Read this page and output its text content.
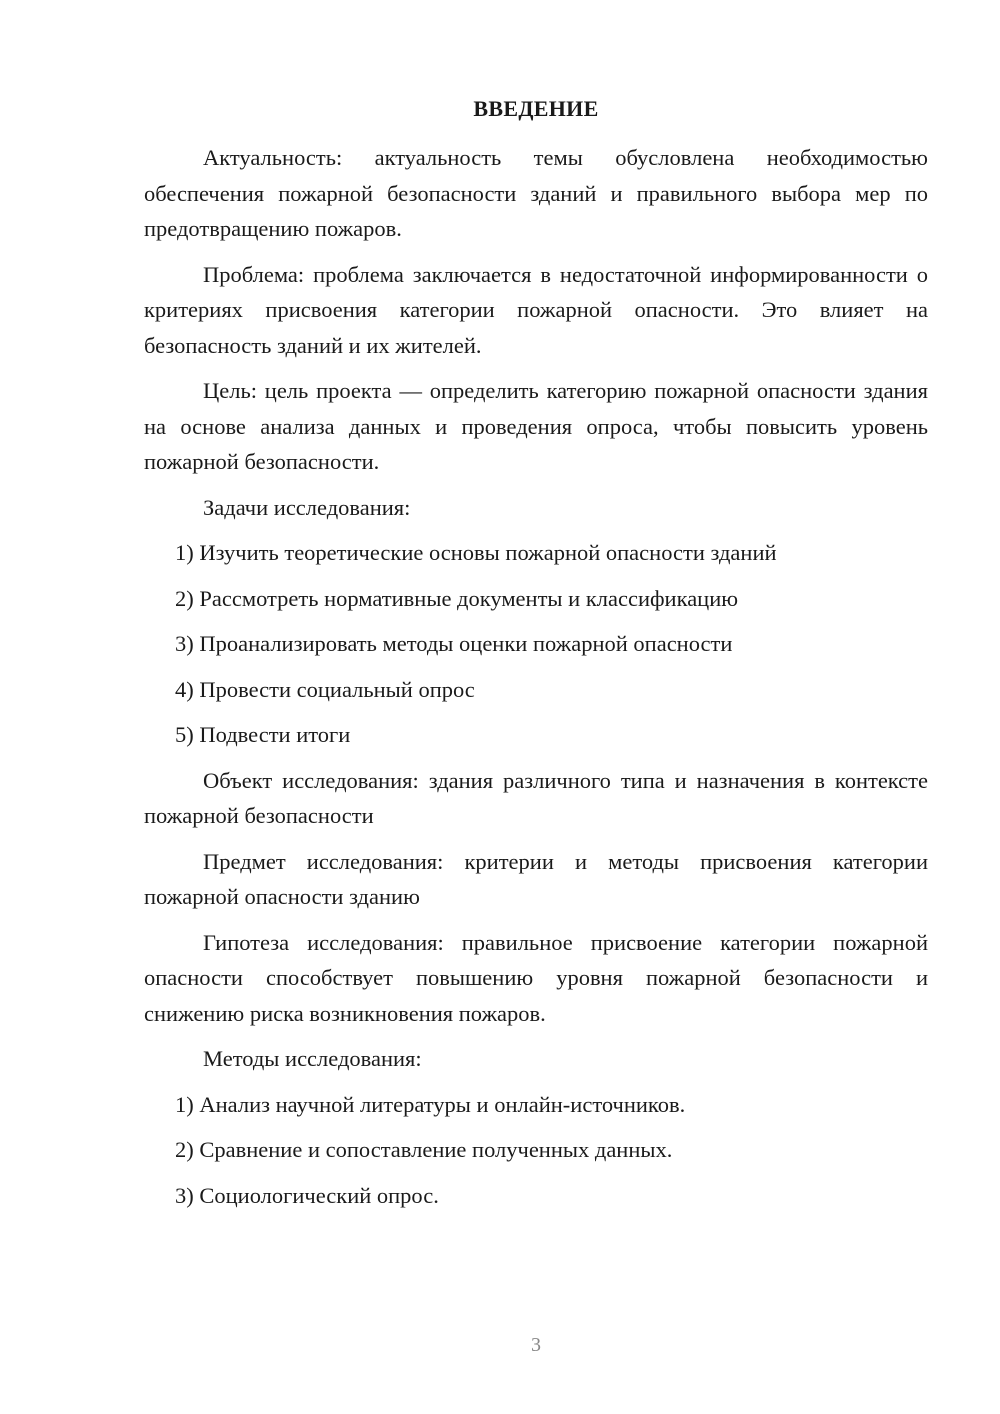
ВВЕДЕНИЕ

Актуальность: актуальность темы обусловлена необходимостью обеспечения пожарной безопасности зданий и правильного выбора мер по предотвращению пожаров.

Проблема: проблема заключается в недостаточной информированности о критериях присвоения категории пожарной опасности. Это влияет на безопасность зданий и их жителей.

Цель: цель проекта — определить категорию пожарной опасности здания на основе анализа данных и проведения опроса, чтобы повысить уровень пожарной безопасности.

Задачи исследования:

1) Изучить теоретические основы пожарной опасности зданий

2) Рассмотреть нормативные документы и классификацию

3) Проанализировать методы оценки пожарной опасности

4) Провести социальный опрос

5) Подвести итоги

Объект исследования: здания различного типа и назначения в контексте пожарной безопасности

Предмет исследования: критерии и методы присвоения категории пожарной опасности зданию

Гипотеза исследования: правильное присвоение категории пожарной опасности способствует повышению уровня пожарной безопасности и снижению риска возникновения пожаров.

Методы исследования:

1) Анализ научной литературы и онлайн-источников.

2) Сравнение и сопоставление полученных данных.

3) Социологический опрос.

3
